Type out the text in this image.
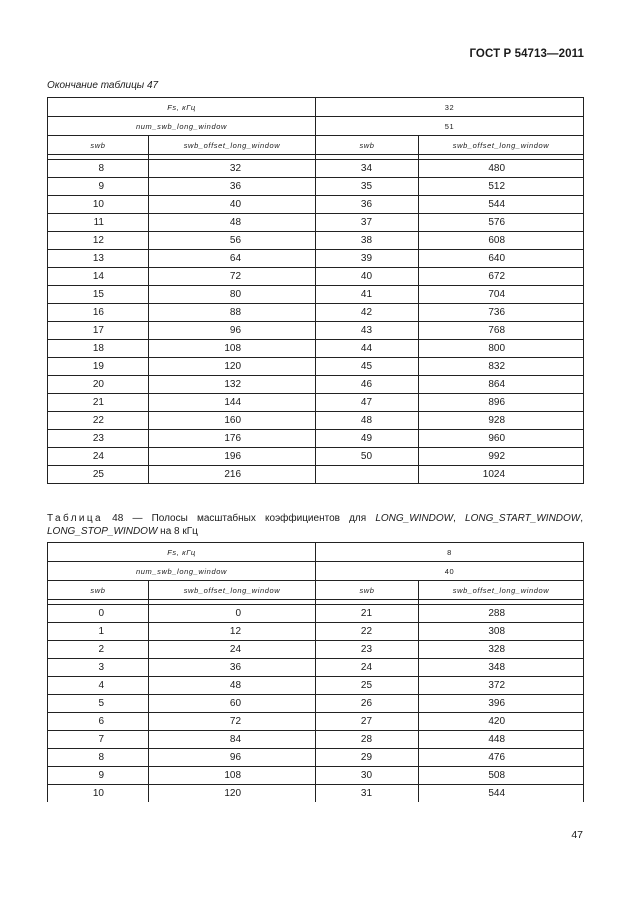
ГОСТ Р 54713—2011
Окончание таблицы 47
Fs, кГц		32	
num_swb_long_window		51	
swb	swb_offset_long_window	swb	swb_offset_long_window

8	32	34	480
9	36	35	512
10	40	36	544
11	48	37	576
12	56	38	608
13	64	39	640
14	72	40	672
15	80	41	704
16	88	42	736
17	96	43	768
18	108	44	800
19	120	45	832
20	132	46	864
21	144	47	896
22	160	48	928
23	176	49	960
24	196	50	992
25	216		1024
Таблица 48 — Полосы масштабных коэффициентов для LONG_WINDOW, LONG_START_WINDOW, LONG_STOP_WINDOW на 8 кГц
Fs, кГц		8	
num_swb_long_window		40	
swb	swb_offset_long_window	swb	swb_offset_long_window

0	0	21	288
1	12	22	308
2	24	23	328
3	36	24	348
4	48	25	372
5	60	26	396
6	72	27	420
7	84	28	448
8	96	29	476
9	108	30	508
10	120	31	544
47
